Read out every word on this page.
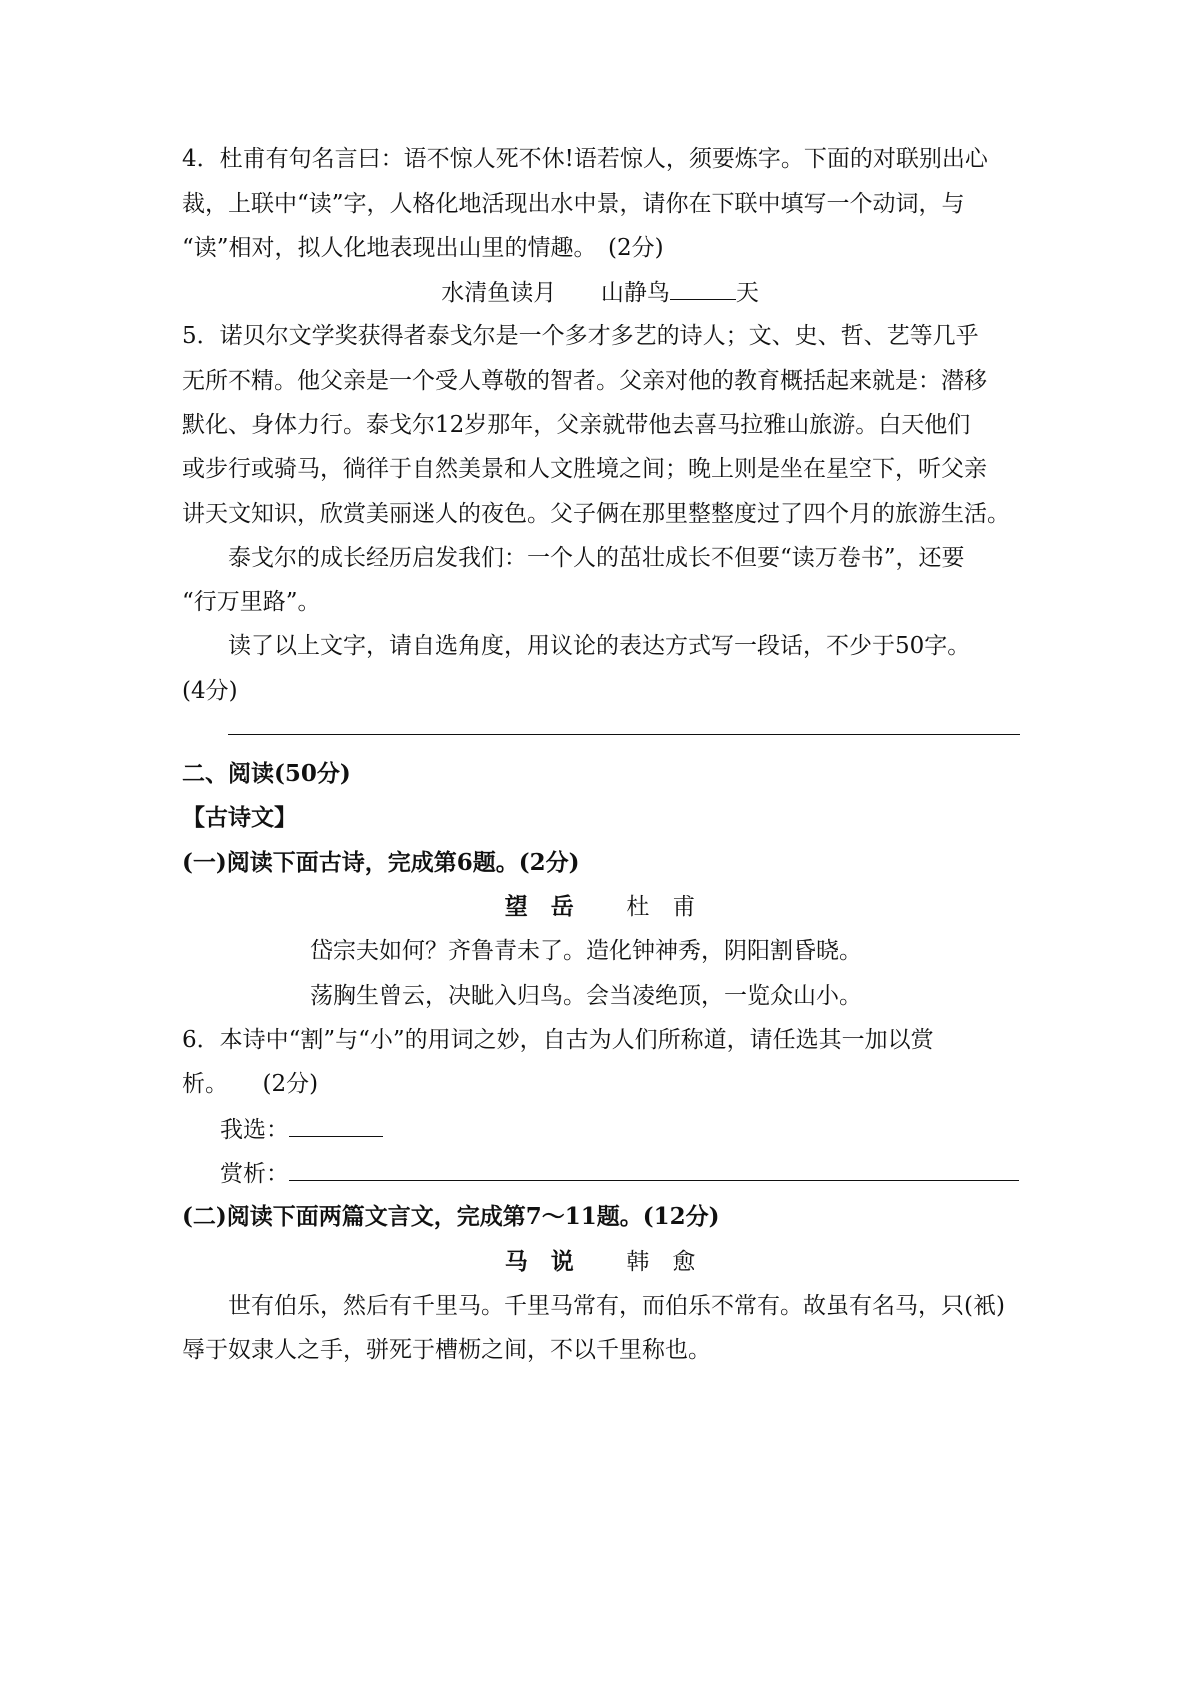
4．杜甫有句名言曰：语不惊人死不休!语若惊人，须要炼字。下面的对联别出心

裁，上联中“读”字，人格化地活现出水中景，请你在下联中填写一个动词，与

“读”相对，拟人化地表现出山里的情趣。　(2分)

水清鱼读月 山静鸟	天

5．诺贝尔文学奖获得者泰戈尔是一个多才多艺的诗人；文、史、哲、艺等几乎

无所不精。他父亲是一个受人尊敬的智者。父亲对他的教育概括起来就是：潜移

默化、身体力行。泰戈尔12岁那年，父亲就带他去喜马拉雅山旅游。白天他们

或步行或骑马，徜徉于自然美景和人文胜境之间；晚上则是坐在星空下，听父亲

讲天文知识，欣赏美丽迷人的夜色。父子俩在那里整整度过了四个月的旅游生活。

泰戈尔的成长经历启发我们：一个人的茁壮成长不但要“读万卷书”，还要

“行万里路”。

读了以上文字，请自选角度，用议论的表达方式写一段话，不少于50字。

(4分)

二、阅读(50分)

【古诗文】

(一)阅读下面古诗，完成第6题。(2分)

望　岳 杜　甫

岱宗夫如何？齐鲁青未了。造化钟神秀，阴阳割昏晓。

荡胸生曾云，决眦入归鸟。会当凌绝顶，一览众山小。

6．本诗中“割”与“小”的用词之妙，自古为人们所称道，请任选其一加以赏

析。　　(2分)

我选：

赏析：

(二)阅读下面两篇文言文，完成第7～11题。(12分)

马　说 韩　愈

世有伯乐，然后有千里马。千里马常有，而伯乐不常有。故虽有名马，只(衹)

辱于奴隶人之手，骈死于槽枥之间，不以千里称也。
